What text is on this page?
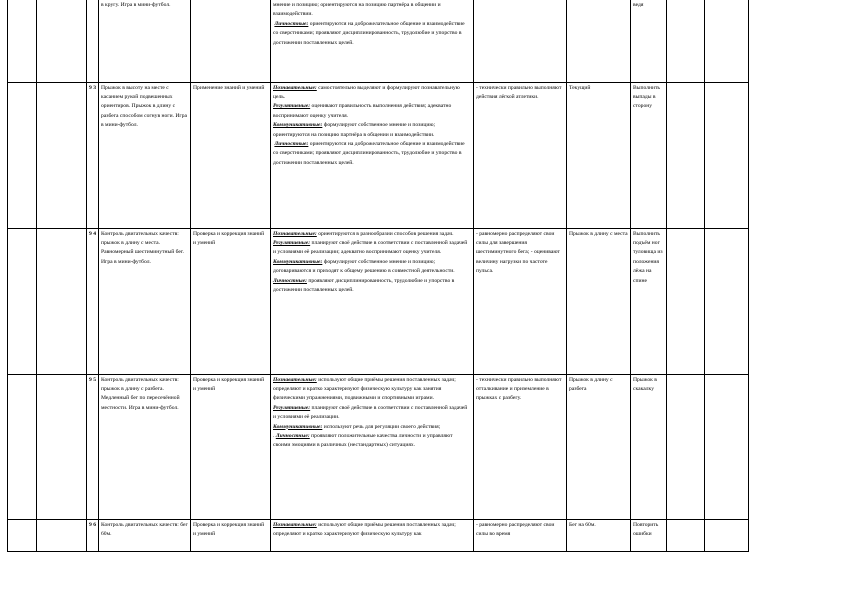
			в кругу. Игра в мини-футбол.		мнение и позицию; ориентируются на позицию партнёра в общении и взаимодействии.
Личностные: ориентируются на доброжелательное общение и взаимодействие со сверстниками; проявляют дисциплинированность, трудолюбие и упорство в достижении поставленных целей.			ведя		
		9 3	Прыжок в высоту на месте с касанием рукой подвешенных ориентиров. Прыжок в длину с разбега способом согнув ноги. Игра в мини-футбол.	Применение знаний и умений	Познавательные: самостоятельно выделяют и формулируют познавательную цель.
Регулятивные: оценивают правильность выполнения действия; адекватно воспринимают оценку учителя.
Коммуникативные: формулируют собственное мнение и позицию; ориентируются на позицию партнёра в общении и взаимодействии.
Личностные: ориентируются на доброжелательное общение и взаимодействие со сверстниками; проявляют дисциплинированность, трудолюбие и упорство в достижении поставленных целей.	- технически правильно выполняют действия лёгкой атлетики.	Текущий	Выполнить выпады в сторону		
		9 4	Контроль двигательных качеств: прыжок в длину с места. Равномерный шестиминутный бег. Игра в мини-футбол.	Проверка и коррекция знаний и умений	Познавательные: ориентируются в разнообразии способов решения задач.
Регулятивные: планируют своё действие в соответствии с поставленной задачей и условиями её реализации; адекватно воспринимают оценку учителя.
Коммуникативные: формулируют собственное мнение и позицию; договариваются и приходят к общему решению в совместной деятельности.
Личностные: проявляют дисциплинированность, трудолюбие и упорство в достижении поставленных целей.	- равномерно распределяют свои силы для завершения шестиминутного бега; - оценивают величину нагрузки по частоте пульса.	Прыжок в длину с места	Выполнить подъём ног туловища из положения лёжа на спине		
		9 5	Контроль двигательных качеств: прыжок в длину с разбега. Медленный бег по пересечённой местности. Игра в мини-футбол.	Проверка и коррекция знаний и умений	Познавательные: используют общие приёмы решения поставленных задач; определяют и кратко характеризуют физическую культуру как занятия физическими упражнениями, подвижными и спортивными играми.
Регулятивные: планируют своё действие в соответствии с поставленной задачей и условиями её реализации.
Коммуникативные: используют речь для регуляции своего действия;
. Личностные: проявляют положительные качества личности и управляют своими эмоциями в различных (нестандартных) ситуациях.	- технически правильно выполняют отталкивание и приземление в прыжках с разбегу.	Прыжок в длину с разбега	Прыжок в скакалку		
		9 6	Контроль двигательных качеств: бег 60м.	Проверка и коррекция знаний и умений	Познавательные: используют общие приёмы решения поставленных задач; определяют и кратко характеризуют физическую культуру как	- равномерно распределяют свои силы во время	Бег на 60м.	Повторить ошибки		
